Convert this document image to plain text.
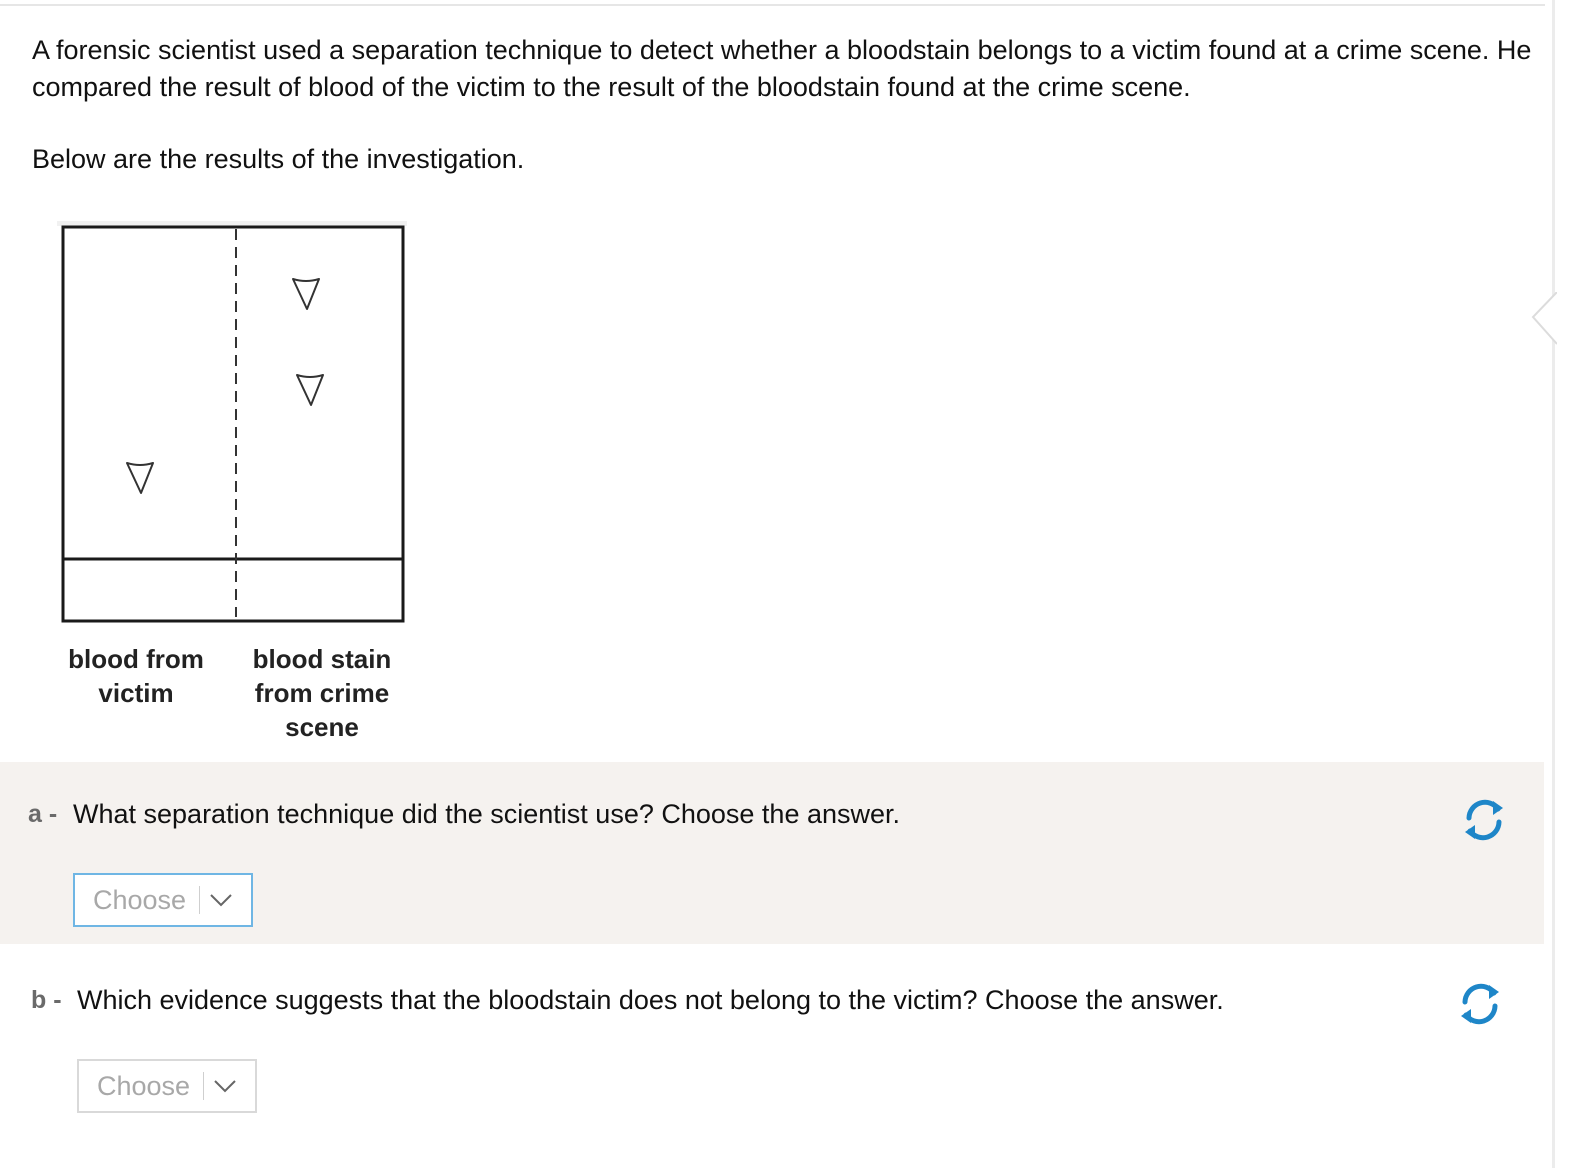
A forensic scientist used a separation technique to detect whether a bloodstain belongs to a victim found at a crime scene. He compared the result of blood of the victim to the result of the bloodstain found at the crime scene.

Below are the results of the investigation.

blood from victim
blood stain from crime scene
a - What separation technique did the scientist use? Choose the answer.
Choose
b - Which evidence suggests that the bloodstain does not belong to the victim? Choose the answer.
Choose
